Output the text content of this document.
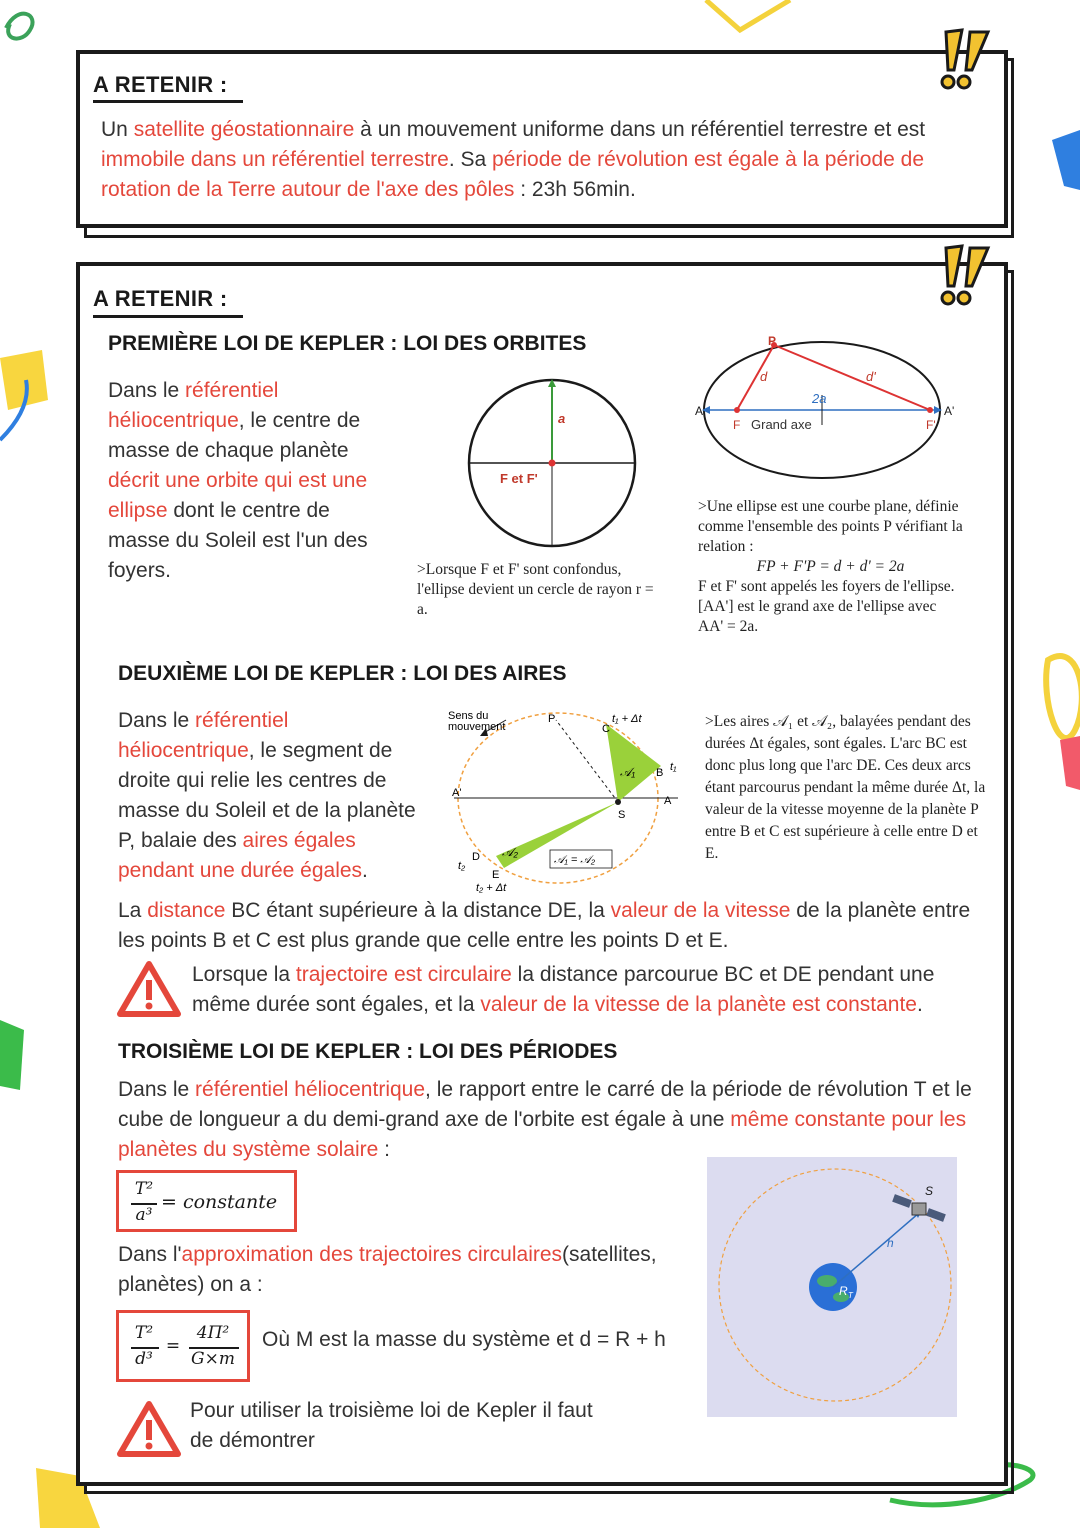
A RETENIR :
Un satellite géostationnaire à un mouvement uniforme dans un référentiel terrestre et est immobile dans un référentiel terrestre. Sa période de révolution est égale à la période de rotation de la Terre autour de l'axe des pôles : 23h 56min.
A RETENIR :
PREMIÈRE LOI DE KEPLER : LOI DES ORBITES
Dans le référentiel héliocentrique, le centre de masse de chaque planète décrit une orbite qui est une ellipse dont le centre de masse du Soleil est l'un des foyers.
a
F et F'
>Lorsque F et F' sont confondus, l'ellipse devient un cercle de rayon r = a.
P
d	d'
2a
A	A'
F Grand axe	F'
>Une ellipse est une courbe plane, définie comme l'ensemble des points P vérifiant la relation :

FP + F'P = d + d' = 2a
F et F' sont appelés les foyers de l'ellipse. [AA'] est le grand axe de l'ellipse avec AA' = 2a.
DEUXIÈME LOI DE KEPLER : LOI DES AIRES
Dans le référentiel héliocentrique, le segment de droite qui relie les centres de masse du Soleil et de la planète P, balaie des aires égales pendant une durée égales.
Sens du
mouvement
P
C
t₁ + Δt
𝒜₁ B t₁
A'
A
S
D 𝒜₂
𝒜₁ = 𝒜₂
t₂
E
t₂ + Δt
>Les aires 𝒜₁ et 𝒜₂, balayées pendant des durées Δt égales, sont égales. L'arc BC est donc plus long que l'arc DE. Ces deux arcs étant parcourus pendant la même durée Δt, la valeur de la vitesse moyenne de la planète P entre B et C est supérieure à celle entre D et E.
La distance BC étant supérieure à la distance DE, la valeur de la vitesse de la planète entre les points B et C est plus grande que celle entre les points D et E.
Lorsque la trajectoire est circulaire la distance parcourue BC et DE pendant une même durée sont égales, et la valeur de la vitesse de la planète est constante.
TROISIÈME LOI DE KEPLER : LOI DES PÉRIODES
Dans le référentiel héliocentrique, le rapport entre le carré de la période de révolution T et le cube de longueur a du demi-grand axe de l'orbite est égale à une même constante pour les planètes du système solaire :
T²
a³
= constante
Dans l'approximation des trajectoires circulaires(satellites, planètes) on a :
T²
d³
=
4Π²
G×m
Où M est la masse du système et d = R + h
Pour utiliser la troisième loi de Kepler il faut de démontrer
S
h
R T
